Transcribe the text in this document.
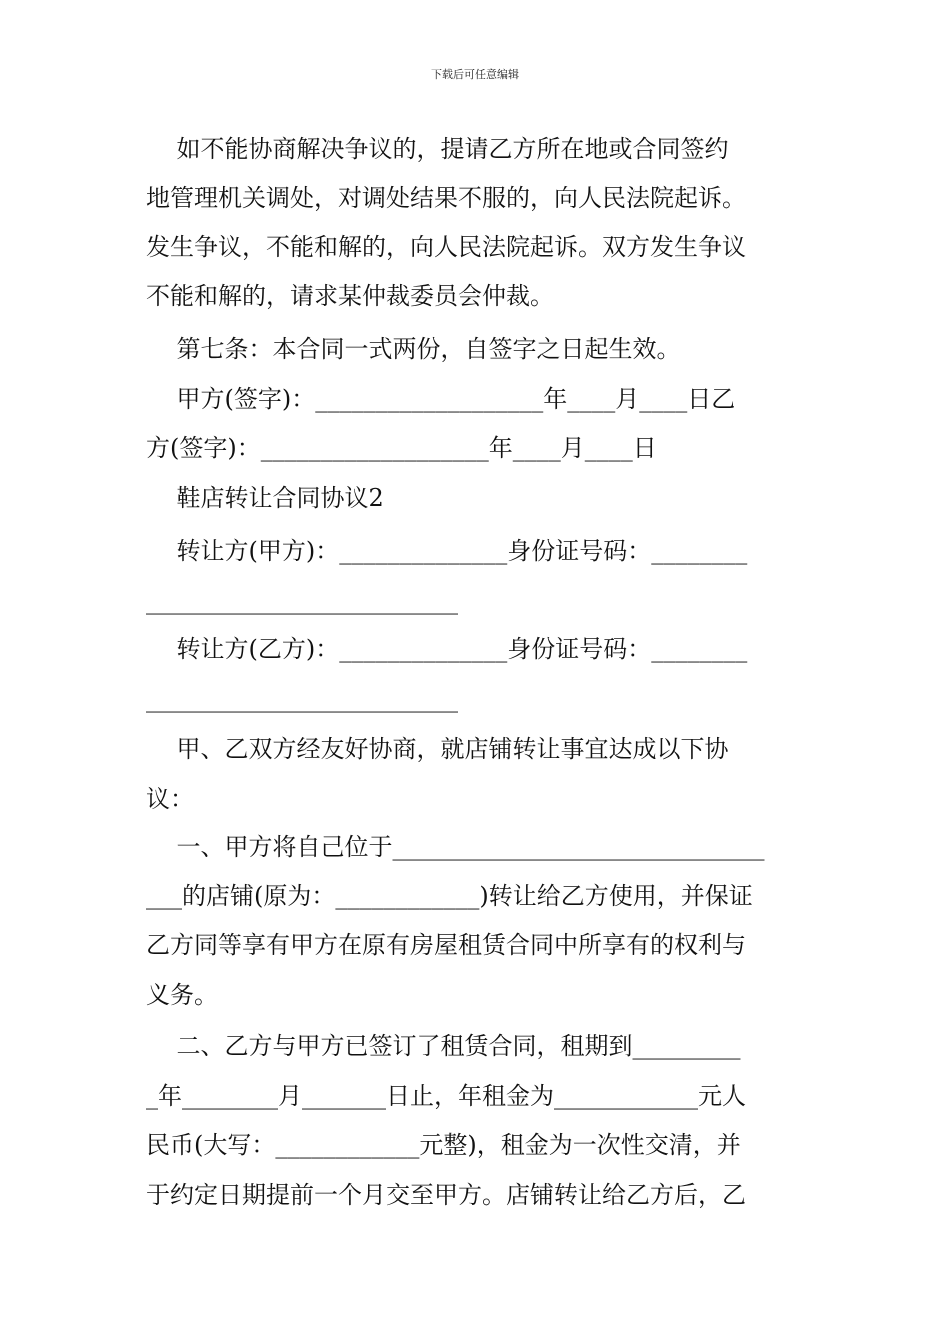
下载后可任意编辑
如不能协商解决争议的，提请乙方所在地或合同签约
地管理机关调处，对调处结果不服的，向人民法院起诉。
发生争议，不能和解的，向人民法院起诉。双方发生争议
不能和解的，请求某仲裁委员会仲裁。
第七条：本合同一式两份，自签字之日起生效。
甲方(签字)：___________________年____月____日乙
方(签字)：___________________年____月____日
鞋店转让合同协议2
转让方(甲方)：______________身份证号码：________
__________________________
转让方(乙方)：______________身份证号码：________
__________________________
甲、乙双方经友好协商，就店铺转让事宜达成以下协
议：
一、甲方将自己位于_______________________________
___的店铺(原为：____________)转让给乙方使用，并保证
乙方同等享有甲方在原有房屋租赁合同中所享有的权利与
义务。
二、乙方与甲方已签订了租赁合同，租期到_________
_年________月_______日止，年租金为____________元人
民币(大写：____________元整)，租金为一次性交清，并
于约定日期提前一个月交至甲方。店铺转让给乙方后，乙
